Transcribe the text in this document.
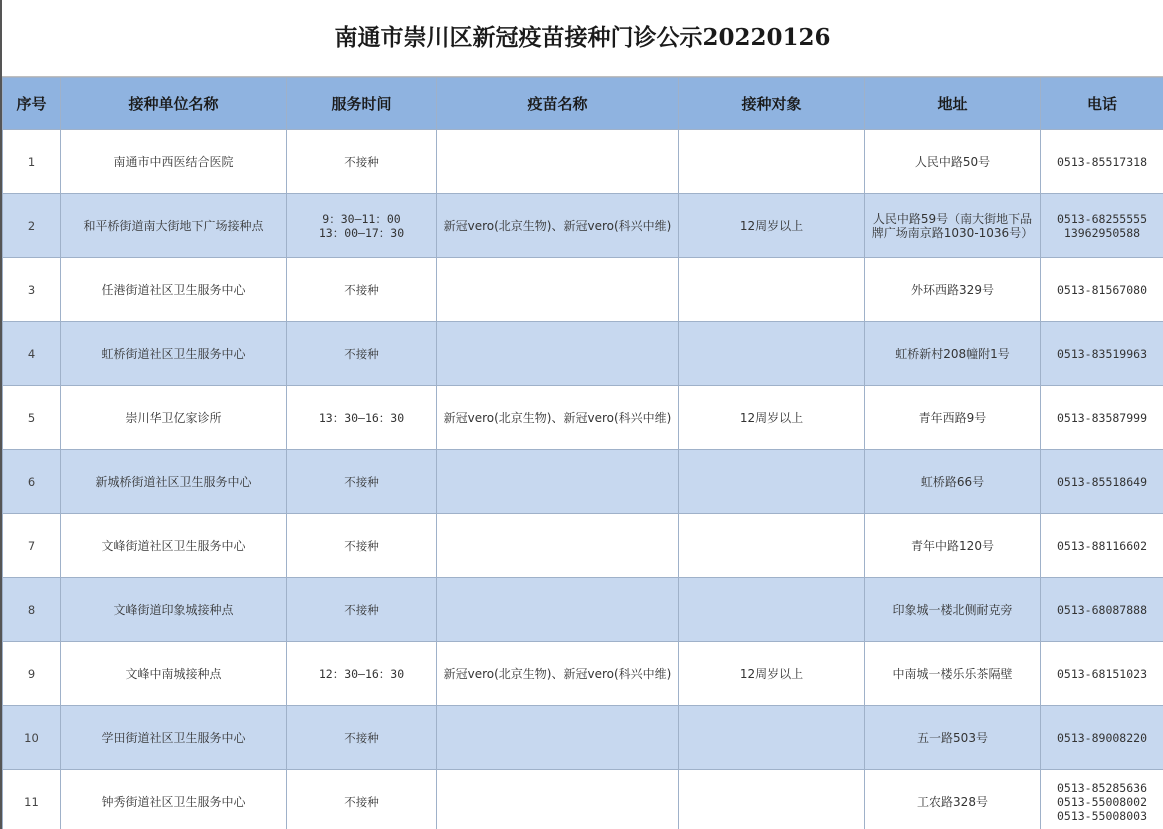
南通市崇川区新冠疫苗接种门诊公示20220126
序号	接种单位名称	服务时间	疫苗名称	接种对象	地址	电话
1	南通市中西医结合医院	不接种			人民中路50号	0513-85517318

2	和平桥街道南大街地下广场接种点	9：30—11：00
13：00—17：30	新冠vero(北京生物)、新冠vero(科兴中维)	12周岁以上	人民中路59号（南大街地下品牌广场南京路1030-1036号）	0513-68255555
13962950588

3	任港街道社区卫生服务中心	不接种			外环西路329号	0513-81567080

4	虹桥街道社区卫生服务中心	不接种			虹桥新村208幢附1号	0513-83519963

5	崇川华卫亿家诊所	13：30—16：30	新冠vero(北京生物)、新冠vero(科兴中维)	12周岁以上	青年西路9号	0513-83587999

6	新城桥街道社区卫生服务中心	不接种			虹桥路66号	0513-85518649

7	文峰街道社区卫生服务中心	不接种			青年中路120号	0513-88116602

8	文峰街道印象城接种点	不接种			印象城一楼北侧耐克旁	0513-68087888

9	文峰中南城接种点	12：30—16：30	新冠vero(北京生物)、新冠vero(科兴中维)	12周岁以上	中南城一楼乐乐茶隔壁	0513-68151023

10	学田街道社区卫生服务中心	不接种			五一路503号	0513-89008220

11	钟秀街道社区卫生服务中心	不接种			工农路328号	0513-85285636
0513-55008002
0513-55008003
